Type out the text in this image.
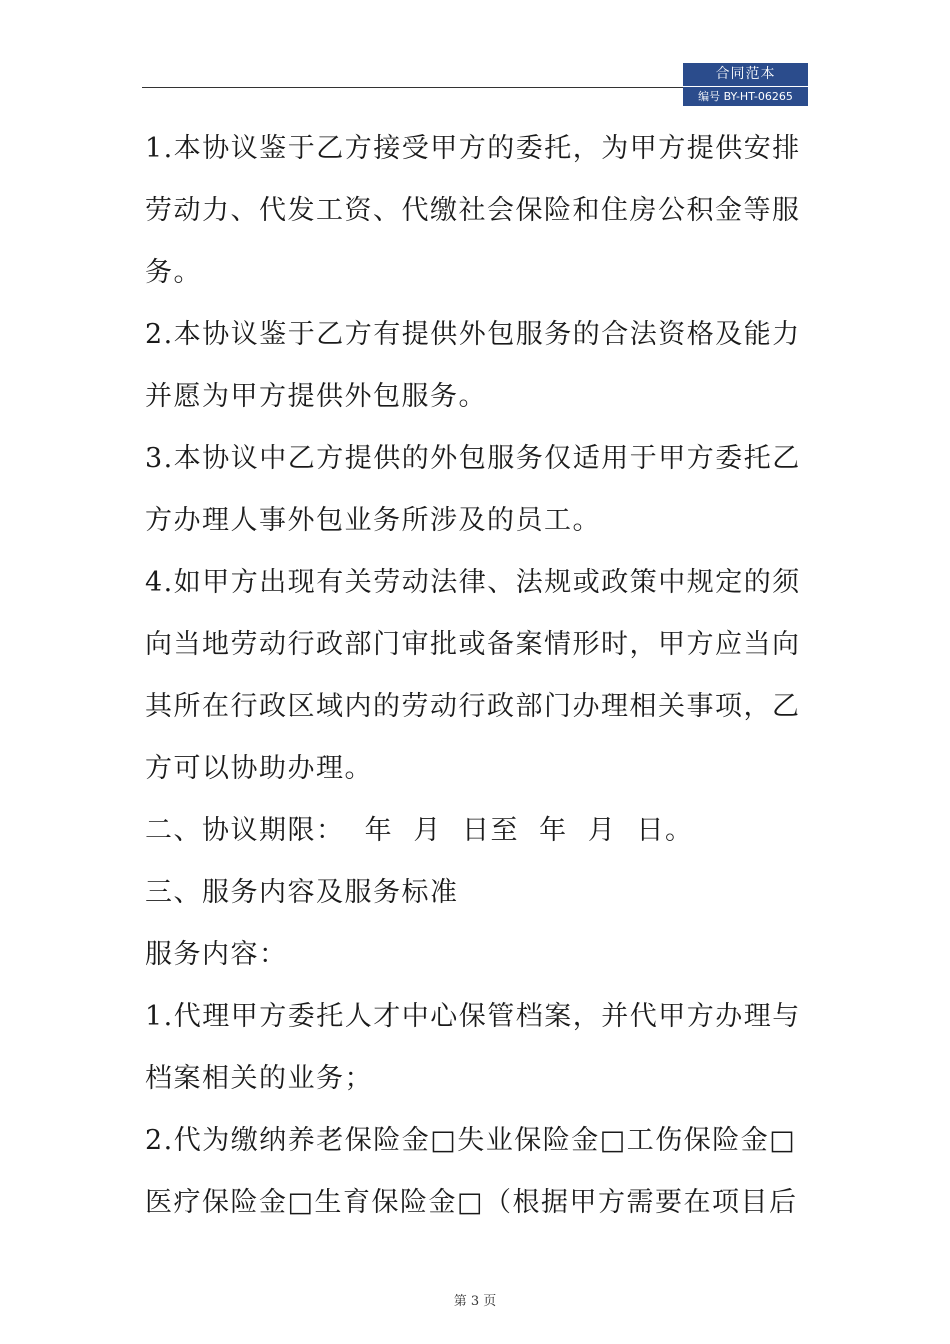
合同范本
编号 BY-HT-06265
1.本协议鉴于乙方接受甲方的委托，为甲方提供安排
劳动力、代发工资、代缴社会保险和住房公积金等服
务。
2.本协议鉴于乙方有提供外包服务的合法资格及能力
并愿为甲方提供外包服务。
3.本协议中乙方提供的外包服务仅适用于甲方委托乙
方办理人事外包业务所涉及的员工。
4.如甲方出现有关劳动法律、法规或政策中规定的须
向当地劳动行政部门审批或备案情形时，甲方应当向
其所在行政区域内的劳动行政部门办理相关事项，乙
方可以协助办理。
二、协议期限：  年  月  日至  年  月  日。
三、服务内容及服务标准
服务内容：
1.代理甲方委托人才中心保管档案，并代甲方办理与
档案相关的业务；
2.代为缴纳养老保险金□失业保险金□工伤保险金□
医疗保险金□生育保险金□（根据甲方需要在项目后
第 3 页
